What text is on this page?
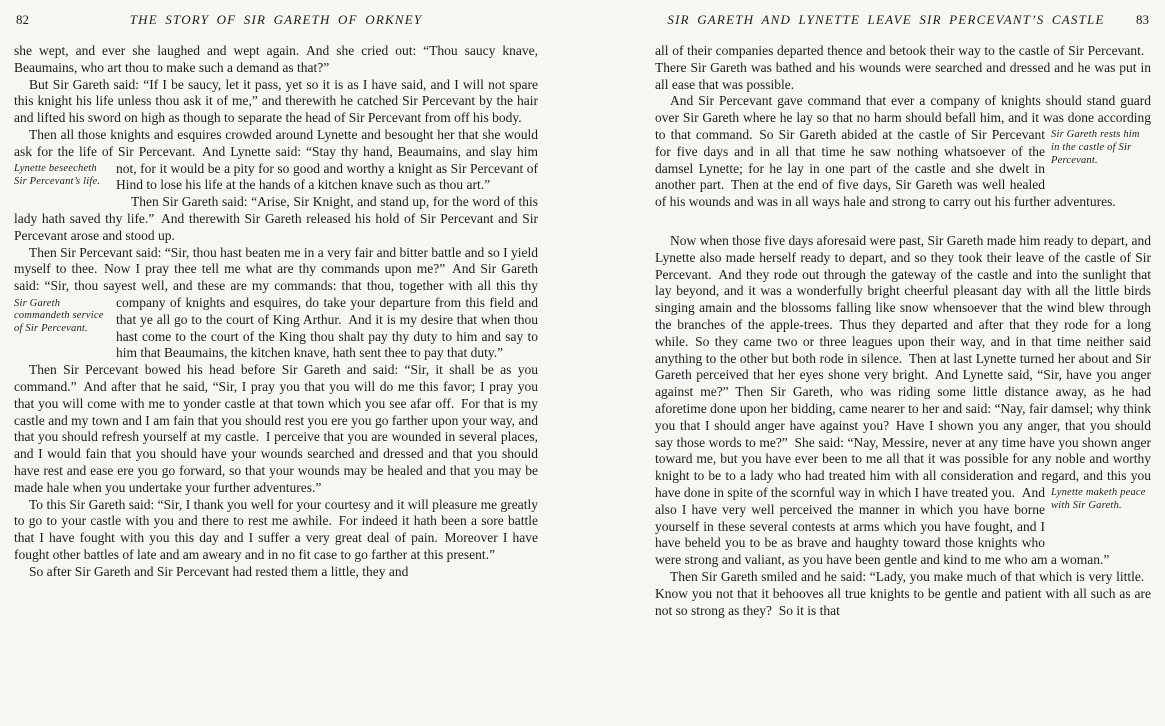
82	THE STORY OF SIR GARETH OF ORKNEY

she wept, and ever she laughed and wept again. And she cried out: “Thou saucy knave, Beaumains, who art thou to make such a demand as that?”

But Sir Gareth said: “If I be saucy, let it pass, yet so it is as I have said, and I will not spare this knight his life unless thou ask it of me,” and therewith he catched Sir Percevant by the hair and lifted his sword on high as though to separate the head of Sir Percevant from off his body.

Lynette beseecheth Sir Percevant’s life.
Then all those knights and esquires crowded around Lynette and besought her that she would ask for the life of Sir Percevant. And Lynette said: “Stay thy hand, Beaumains, and slay him not, for it would be a pity for so good and worthy a knight as Sir Percevant of Hind to lose his life at the hands of a kitchen knave such as thou art.”

Then Sir Gareth said: “Arise, Sir Knight, and stand up, for the word of this lady hath saved thy life.” And therewith Sir Gareth released his hold of Sir Percevant and Sir Percevant arose and stood up.

Sir Gareth commandeth service of Sir Percevant.
Then Sir Percevant said: “Sir, thou hast beaten me in a very fair and bitter battle and so I yield myself to thee. Now I pray thee tell me what are thy commands upon me?” And Sir Gareth said: “Sir, thou sayest well, and these are my commands: that thou, together with all this thy company of knights and esquires, do take your departure from this field and that ye all go to the court of King Arthur. And it is my desire that when thou hast come to the court of the King thou shalt pay thy duty to him and say to him that Beaumains, the kitchen knave, hath sent thee to pay that duty.”

Then Sir Percevant bowed his head before Sir Gareth and said: “Sir, it shall be as you command.” And after that he said, “Sir, I pray you that you will do me this favor; I pray you that you will come with me to yonder castle at that town which you see afar off. For that is my castle and my town and I am fain that you should rest you ere you go farther upon your way, and that you should refresh yourself at my castle. I perceive that you are wounded in several places, and I would fain that you should have your wounds searched and dressed and that you should have rest and ease ere you go forward, so that your wounds may be healed and that you may be made hale when you undertake your further adventures.”

To this Sir Gareth said: “Sir, I thank you well for your courtesy and it will pleasure me greatly to go to your castle with you and there to rest me awhile. For indeed it hath been a sore battle that I have fought with you this day and I suffer a very great deal of pain. Moreover I have fought other battles of late and am aweary and in no fit case to go farther at this present.”

So after Sir Gareth and Sir Percevant had rested them a little, they and

SIR GARETH AND LYNETTE LEAVE SIR PERCEVANT’S CASTLE	83

all of their companies departed thence and betook their way to the castle of Sir Percevant. There Sir Gareth was bathed and his wounds were searched and dressed and he was put in all ease that was possible.

Sir Gareth rests him in the castle of Sir Percevant.
And Sir Percevant gave command that ever a company of knights should stand guard over Sir Gareth where he lay so that no harm should befall him, and it was done according to that command. So Sir Gareth abided at the castle of Sir Percevant for five days and in all that time he saw nothing whatsoever of the damsel Lynette; for he lay in one part of the castle and she dwelt in another part. Then at the end of five days, Sir Gareth was well healed of his wounds and was in all ways hale and strong to carry out his further adventures.

Lynette maketh peace with Sir Gareth.
Now when those five days aforesaid were past, Sir Gareth made him ready to depart, and Lynette also made herself ready to depart, and so they took their leave of the castle of Sir Percevant. And they rode out through the gateway of the castle and into the sunlight that lay beyond, and it was a wonderfully bright cheerful pleasant day with all the little birds singing amain and the blossoms falling like snow whensoever that the wind blew through the branches of the apple-trees. Thus they departed and after that they rode for a long while. So they came two or three leagues upon their way, and in that time neither said anything to the other but both rode in silence. Then at last Lynette turned her about and Sir Gareth perceived that her eyes shone very bright. And Lynette said, “Sir, have you anger against me?” Then Sir Gareth, who was riding some little distance away, as he had aforetime done upon her bidding, came nearer to her and said: “Nay, fair damsel; why think you that I should anger have against you? Have I shown you any anger, that you should say those words to me?” She said: “Nay, Messire, never at any time have you shown anger toward me, but you have ever been to me all that it was possible for any noble and worthy knight to be to a lady who had treated him with all consideration and regard, and this you have done in spite of the scornful way in which I have treated you. And also I have very well perceived the manner in which you have borne yourself in these several contests at arms which you have fought, and I have beheld you to be as brave and haughty toward those knights who were strong and valiant, as you have been gentle and kind to me who am a woman.”

Then Sir Gareth smiled and he said: “Lady, you make much of that which is very little. Know you not that it behooves all true knights to be gentle and patient with all such as are not so strong as they? So it is that
